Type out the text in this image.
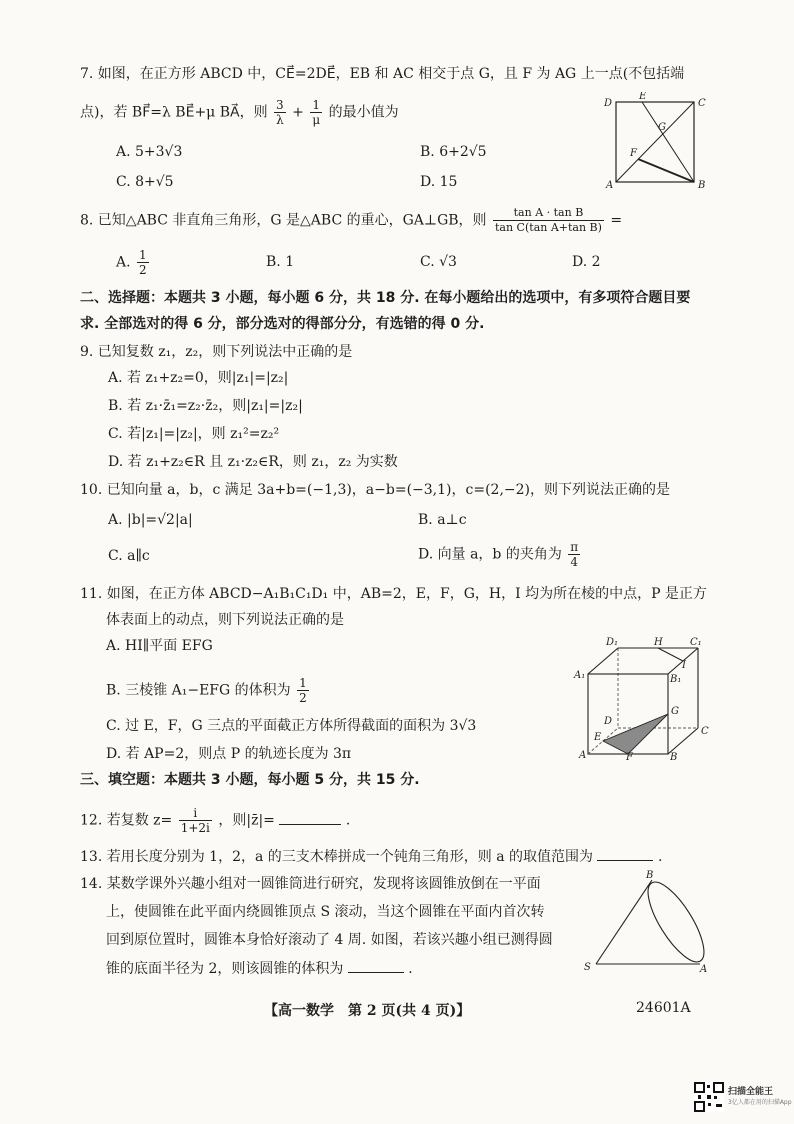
7. 如图，在正方形 ABCD 中，CE⃗=2DE⃗，EB 和 AC 相交于点 G，且 F 为 AG 上一点(不包括端
点)，若 BF⃗=λ BE⃗+μ BA⃗，则 $\frac{3}{\lambda} + \frac{1}{\mu}$ 的最小值为
A. 5+3√3	B. 6+2√5
C. 8+√5	D. 15
D
E
C
G
F
A	B
8. 已知△ABC 非直角三角形，G 是△ABC 的重心，GA⊥GB，则 $\frac{\text{tan A · tan B}}{\text{tan C(tan A+tan B)}}$ =
A. $\frac{1}{2}$	B. 1	C. √3	D. 2
二、选择题：本题共 3 小题，每小题 6 分，共 18 分. 在每小题给出的选项中，有多项符合题目要
求. 全部选对的得 6 分，部分选对的得部分分，有选错的得 0 分.
9. 已知复数 z₁，z₂，则下列说法中正确的是
A. 若 z₁+z₂=0，则|z₁|=|z₂|
B. 若 z₁·z̄₁=z₂·z̄₂，则|z₁|=|z₂|
C. 若|z₁|=|z₂|，则 z₁²=z₂²
D. 若 z₁+z₂∈R 且 z₁·z₂∈R，则 z₁，z₂ 为实数
10. 已知向量 a，b，c 满足 3a+b=(−1,3)，a−b=(−3,1)，c=(2,−2)，则下列说法正确的是
A. |b|=√2|a|	B. a⊥c
C. a∥c	D. 向量 a，b 的夹角为 $\frac{\pi}{4}$
11. 如图，在正方体 ABCD−A₁B₁C₁D₁ 中，AB=2，E，F，G，H，I 均为所在棱的中点，P 是正方
体表面上的动点，则下列说法正确的是
A. HI∥平面 EFG
B. 三棱锥 A₁−EFG 的体积为 $\frac{1}{2}$
C. 过 E，F，G 三点的平面截正方体所得截面的面积为 3√3
D. 若 AP=2，则点 P 的轨迹长度为 3π
D₁	H	C₁
I
A₁	B₁
D
G
C
E
A	F	B
三、填空题：本题共 3 小题，每小题 5 分，共 15 分.
12. 若复数 $z= \frac{i}{1+2i}$ ，则|z̄|=	.
13. 若用长度分别为 1，2，a 的三支木棒拼成一个钝角三角形，则 a 的取值范围为	.
14. 某数学课外兴趣小组对一圆锥筒进行研究，发现将该圆锥放倒在一平面
上，使圆锥在此平面内绕圆锥顶点 S 滚动，当这个圆锥在平面内首次转
回到原位置时，圆锥本身恰好滚动了 4 周. 如图，若该兴趣小组已测得圆
锥的底面半径为 2，则该圆锥的体积为	.
B
S	A
【高一数学　第 2 页(共 4 页)】	24601A
扫描全能王
3亿人都在用的扫描App
